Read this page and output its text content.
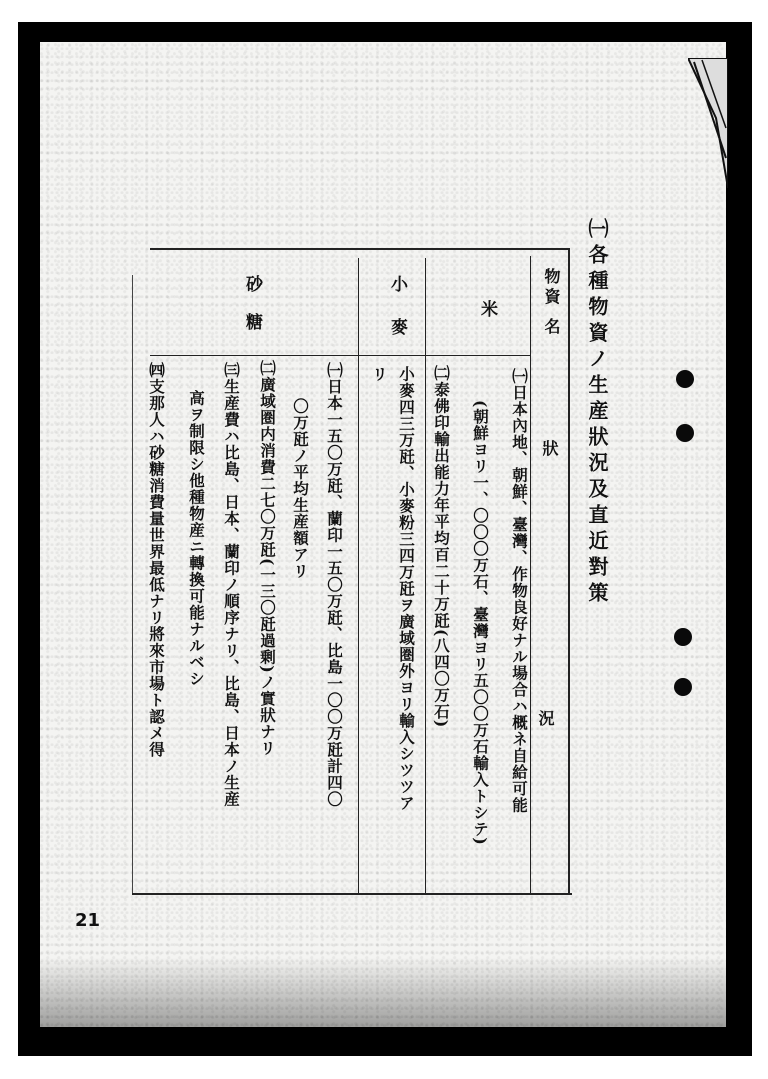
㈠各種物資ノ生産狀況及直近對策
物資
名
狀
況
米
小
麥
砂
糖
㈠日本內地、朝鮮、臺灣、作物良好ナル場合ハ概ネ自給可能
(朝鮮ヨリ一、〇〇〇万石、臺灣ヨリ五〇〇万石輸入トシテ)
㈡泰佛印輸出能力年平均百二十万瓩(八四〇万石)
小麥四三万瓩、小麥粉三四万瓩ヲ廣域圏外ヨリ輸入シツツア
リ
㈠日本一五〇万瓩、蘭印一五〇万瓩、比島一〇〇万瓩計四〇
〇万瓩ノ平均生産額アリ
㈡廣域圏内消費二七〇万瓩(一三〇瓩過剰)ノ實狀ナリ
㈢生産費ハ比島、日本、蘭印ノ順序ナリ、比島、日本ノ生産
高ヲ制限シ他種物産ニ轉換可能ナルベシ
㈣支那人ハ砂糖消費量世界最低ナリ將來市場ト認メ得
21
